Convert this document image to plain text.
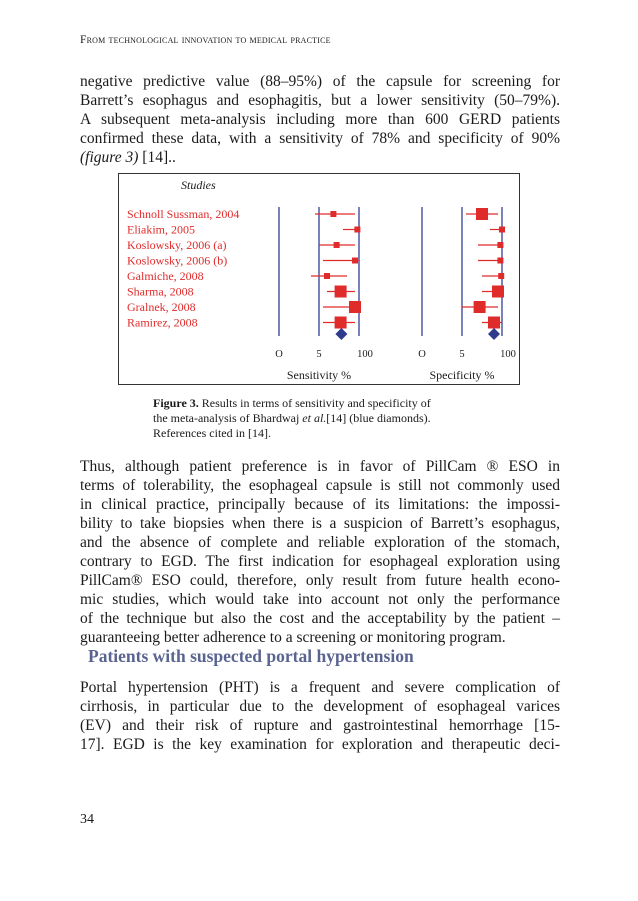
From technological innovation to medical practice
negative predictive value (88–95%) of the capsule for screening for
Barrett’s esophagus and esophagitis, but a lower sensitivity (50–79%).
A subsequent meta-analysis including more than 600 GERD patients
confirmed these data, with a sensitivity of 78% and specificity of 90%
(figure 3) [14]..
Studies
Schnoll Sussman, 2004
Eliakim, 2005
Koslowsky, 2006 (a)
Koslowsky, 2006 (b)
Galmiche, 2008
Sharma, 2008
Gralnek, 2008
Ramirez, 2008
O	5	100
Sensitivity %
O	5	100
Specificity %
Figure 3. Results in terms of sensitivity and specificity of
the meta-analysis of Bhardwaj et al.[14] (blue diamonds).
References cited in [14].
Thus, although patient preference is in favor of PillCam ® ESO in
terms of tolerability, the esophageal capsule is still not commonly used
in clinical practice, principally because of its limitations: the impossi-
bility to take biopsies when there is a suspicion of Barrett’s esophagus,
and the absence of complete and reliable exploration of the stomach,
contrary to EGD. The first indication for esophageal exploration using
PillCam® ESO could, therefore, only result from future health econo-
mic studies, which would take into account not only the performance
of the technique but also the cost and the acceptability by the patient –
guaranteeing better adherence to a screening or monitoring program.
Patients with suspected portal hypertension
Portal hypertension (PHT) is a frequent and severe complication of
cirrhosis, in particular due to the development of esophageal varices
(EV) and their risk of rupture and gastrointestinal hemorrhage [15-
17]. EGD is the key examination for exploration and therapeutic deci-
34
